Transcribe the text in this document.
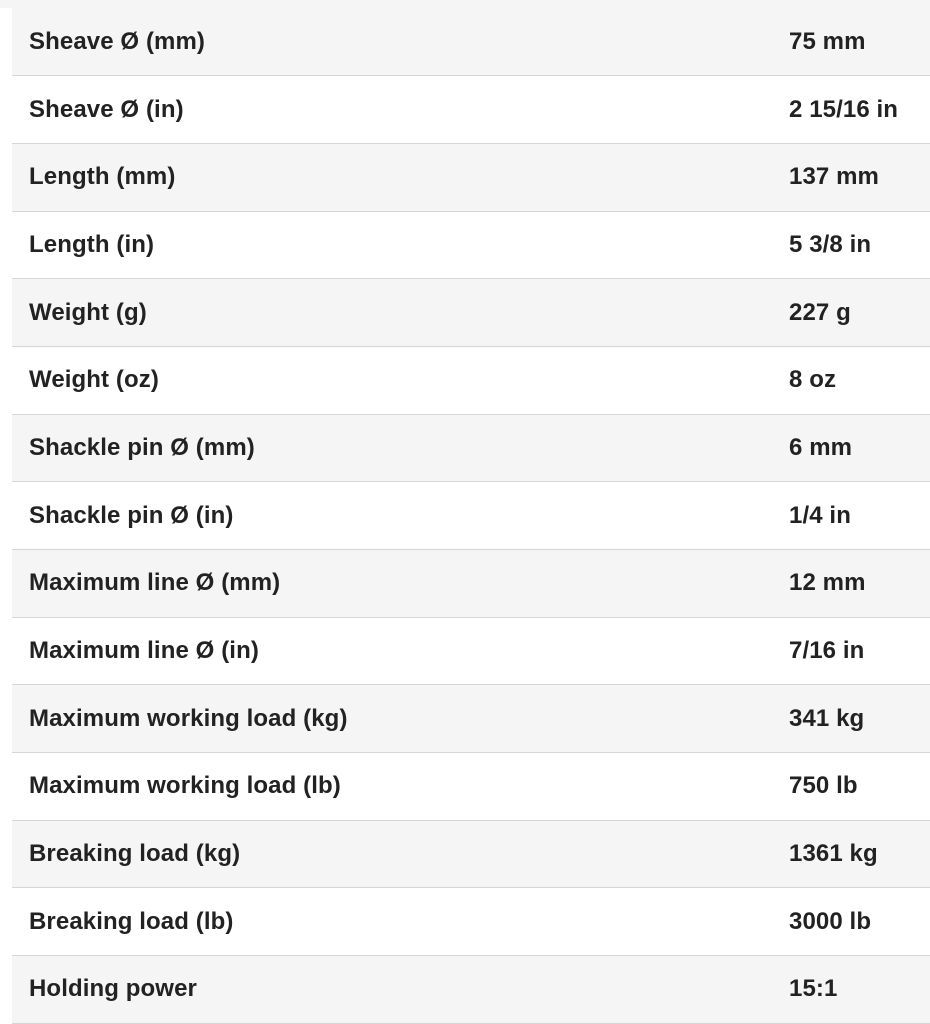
Sheave Ø (mm)	75 mm
Sheave Ø (in)	2 15/16 in
Length (mm)	137 mm
Length (in)	5 3/8 in
Weight (g)	227 g
Weight (oz)	8 oz
Shackle pin Ø (mm)	6 mm
Shackle pin Ø (in)	1/4 in
Maximum line Ø (mm)	12 mm
Maximum line Ø (in)	7/16 in
Maximum working load (kg)	341 kg
Maximum working load (lb)	750 lb
Breaking load (kg)	1361 kg
Breaking load (lb)	3000 lb
Holding power	15:1
